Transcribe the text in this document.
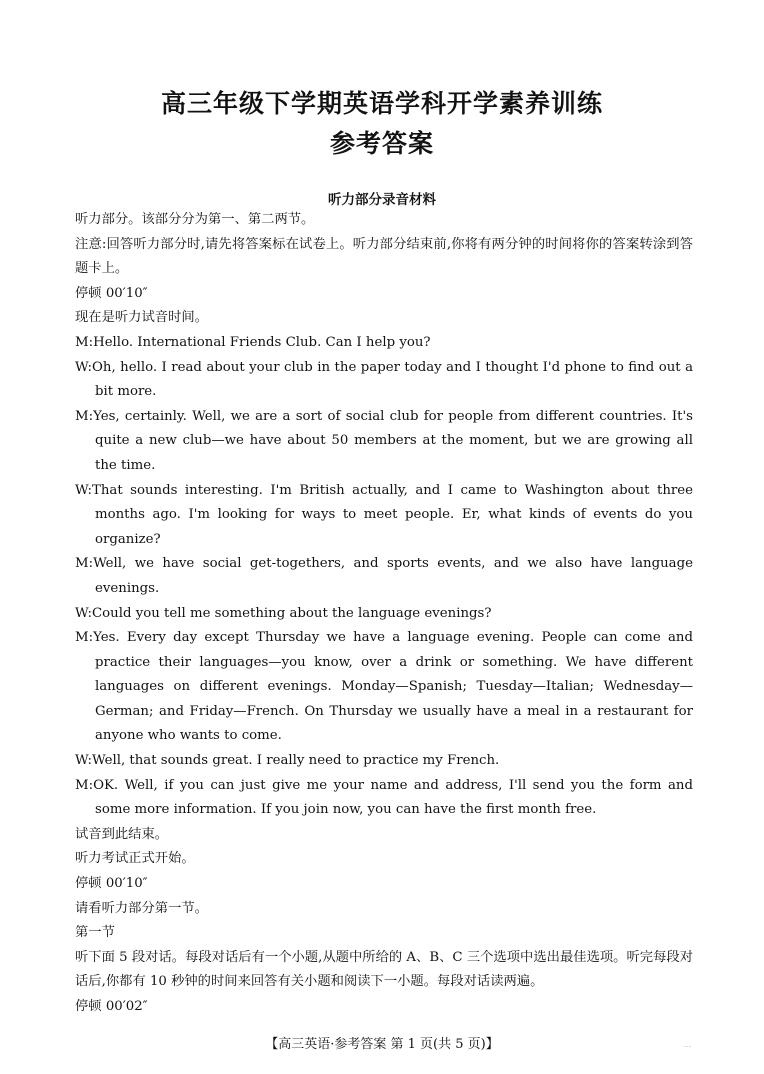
高三年级下学期英语学科开学素养训练
参考答案
听力部分录音材料

听力部分。该部分分为第一、第二两节。

注意:回答听力部分时,请先将答案标在试卷上。听力部分结束前,你将有两分钟的时间将你的答案转涂到答题卡上。

停顿 00′10″

现在是听力试音时间。

M:Hello. International Friends Club. Can I help you?

W:Oh, hello. I read about your club in the paper today and I thought I'd phone to find out a bit more.

M:Yes, certainly. Well, we are a sort of social club for people from different countries. It's quite a new club—we have about 50 members at the moment, but we are growing all the time.

W:That sounds interesting. I'm British actually, and I came to Washington about three months ago. I'm looking for ways to meet people. Er, what kinds of events do you organize?

M:Well, we have social get-togethers, and sports events, and we also have language evenings.

W:Could you tell me something about the language evenings?

M:Yes. Every day except Thursday we have a language evening. People can come and practice their languages—you know, over a drink or something. We have different languages on different evenings. Monday—Spanish; Tuesday—Italian; Wednesday—German; and Friday—French. On Thursday we usually have a meal in a restaurant for anyone who wants to come.

W:Well, that sounds great. I really need to practice my French.

M:OK. Well, if you can just give me your name and address, I'll send you the form and some more information. If you join now, you can have the first month free.

试音到此结束。

听力考试正式开始。

停顿 00′10″

请看听力部分第一节。

第一节

听下面 5 段对话。每段对话后有一个小题,从题中所给的 A、B、C 三个选项中选出最佳选项。听完每段对话后,你都有 10 秒钟的时间来回答有关小题和阅读下一小题。每段对话读两遍。

停顿 00′02″

【高三英语·参考答案 第 1 页(共 5 页)】	...
